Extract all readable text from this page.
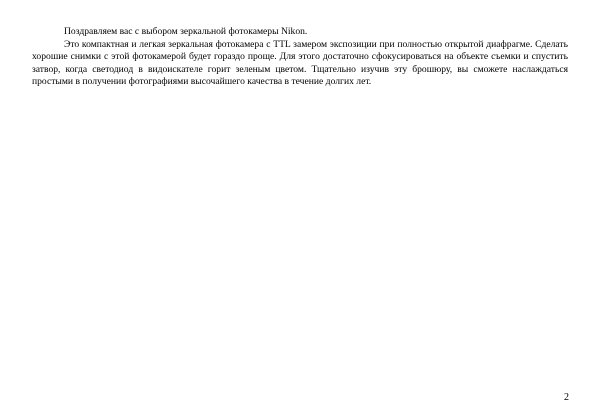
Поздравляем вас с выбором зеркальной фотокамеры Nikon.

Это компактная и легкая зеркальная фотокамера с TTL замером экспозиции при полностью открытой диафрагме. Сделать хорошие снимки с этой фотокамерой будет гораздо проще. Для этого достаточно сфокусироваться на объекте съемки и спустить затвор, когда светодиод в видоискателе горит зеленым цветом. Тщательно изучив эту брошюру, вы сможете наслаждаться простыми в получении фотографиями высочайшего качества в течение долгих лет.

2
